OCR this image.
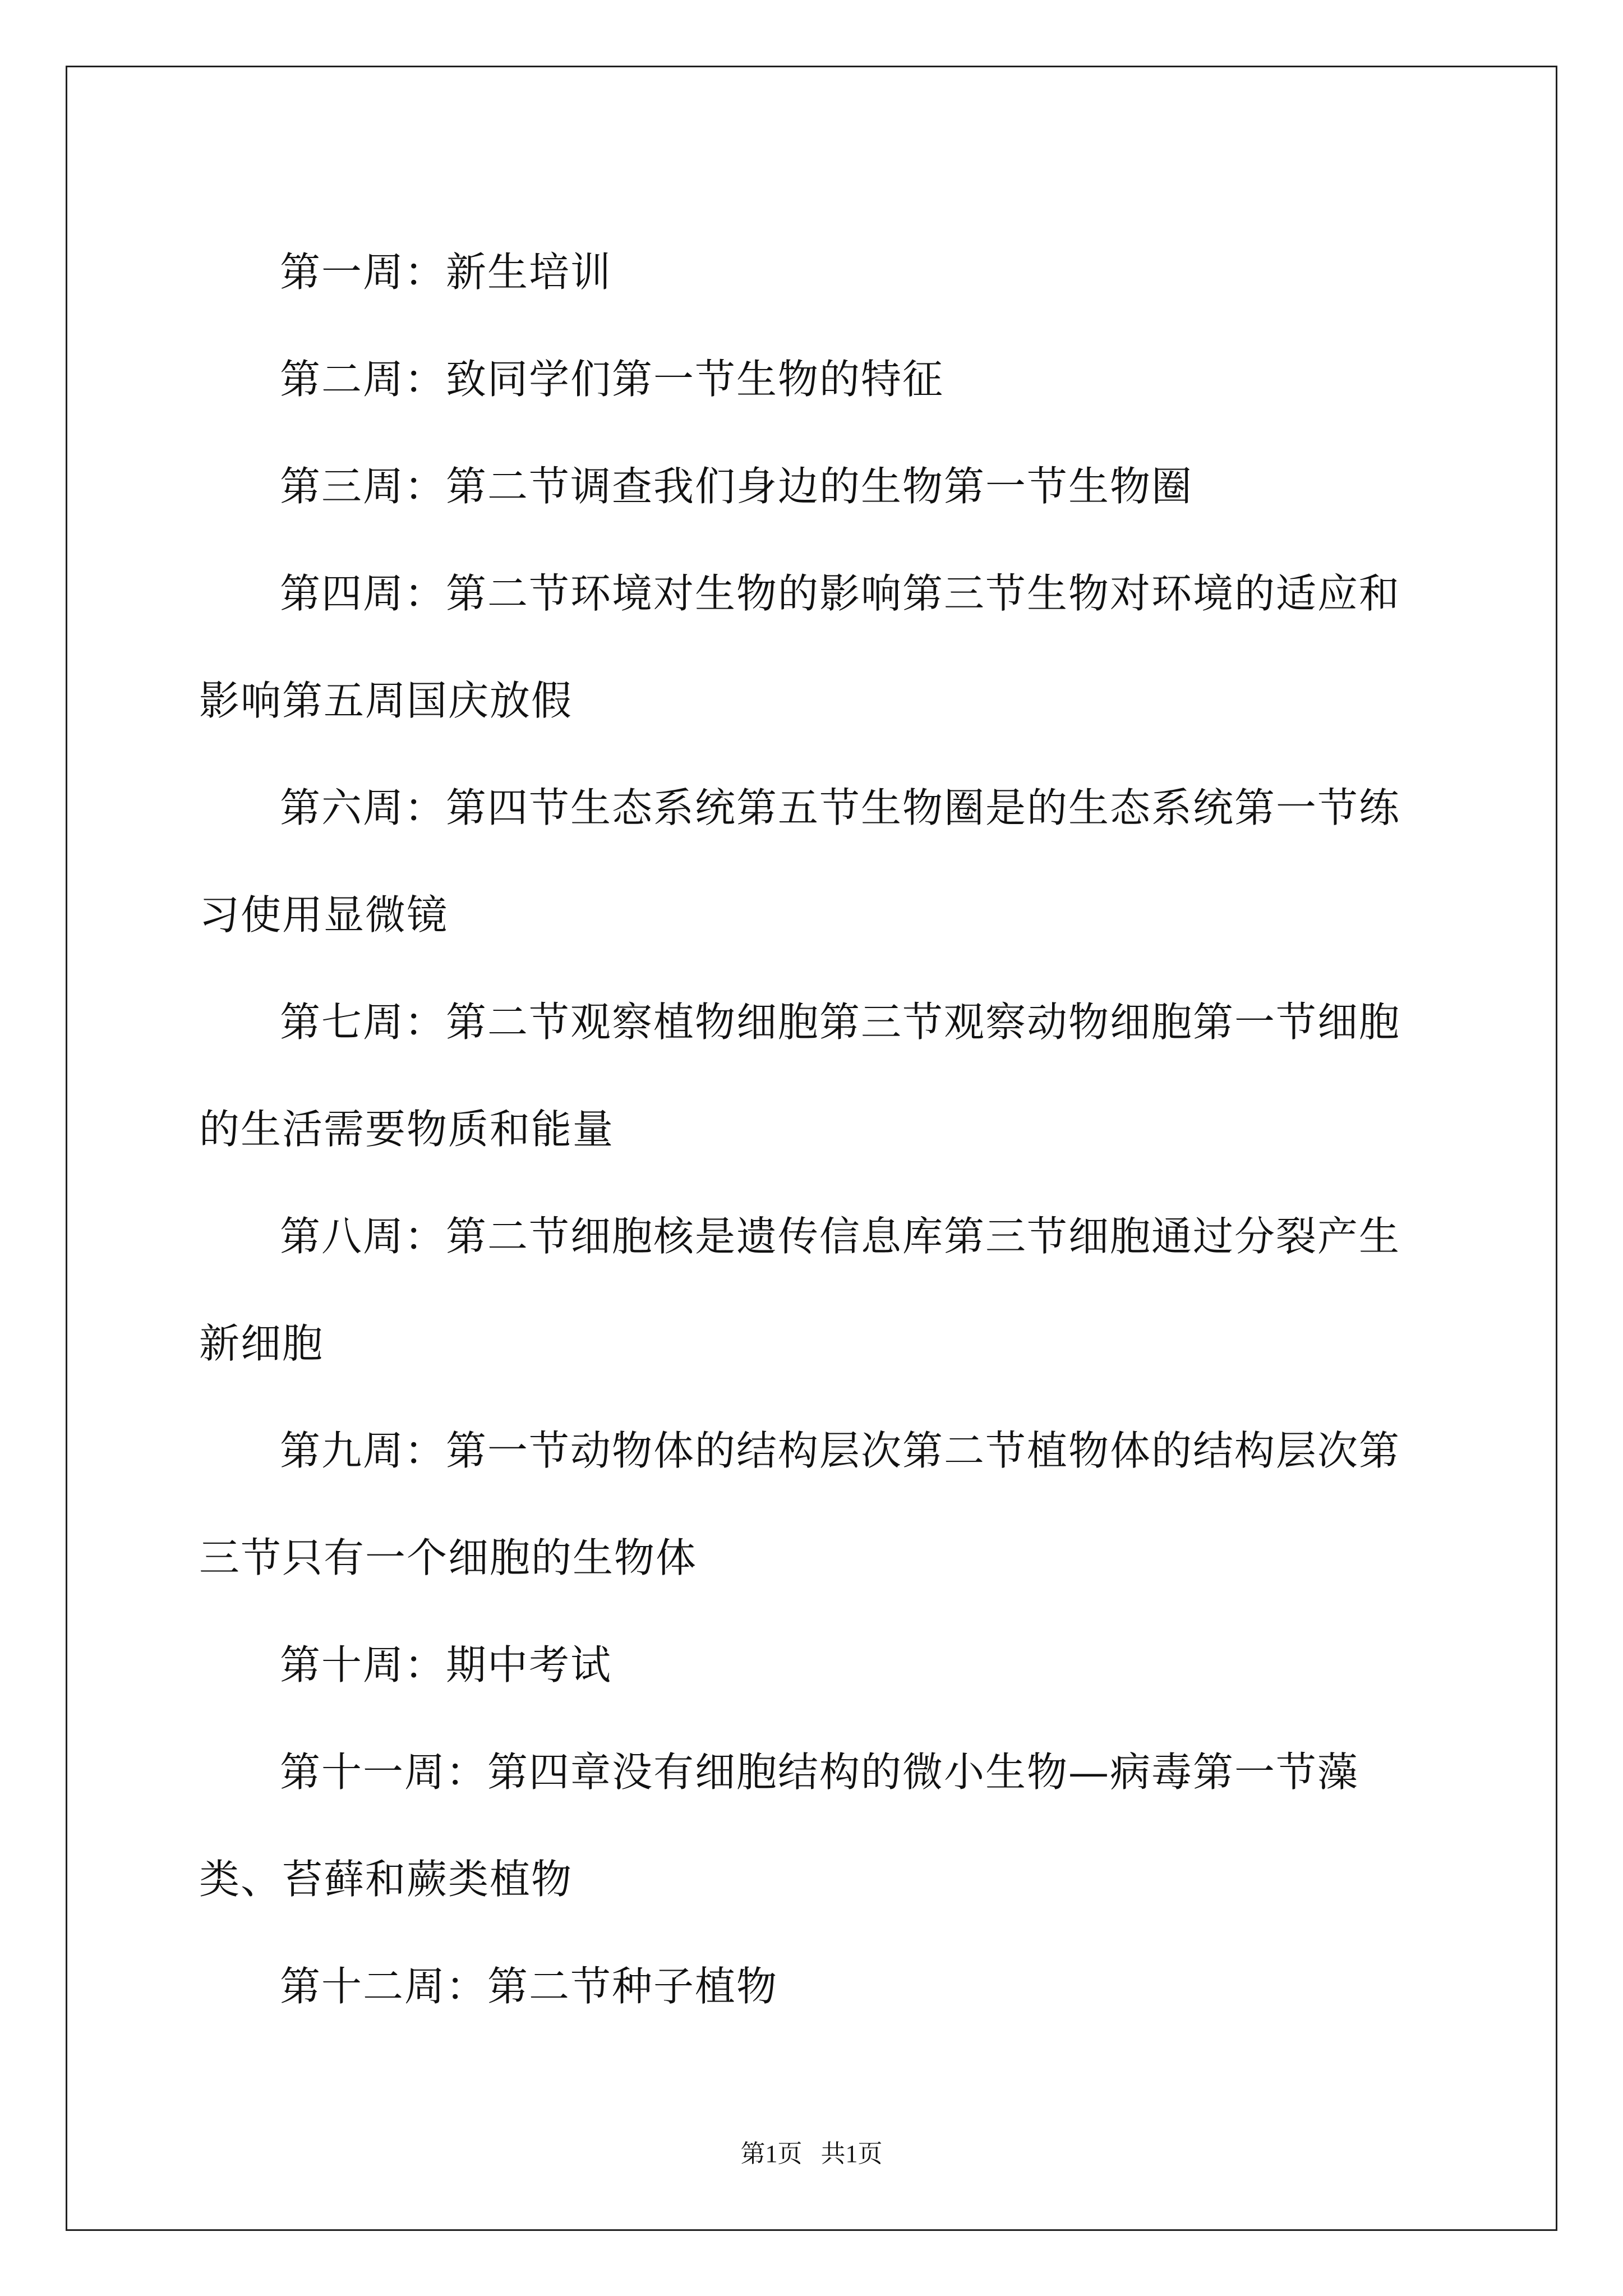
第一周：新生培训

第二周：致同学们第一节生物的特征

第三周：第二节调查我们身边的生物第一节生物圈

第四周：第二节环境对生物的影响第三节生物对环境的适应和影响第五周国庆放假

第六周：第四节生态系统第五节生物圈是的生态系统第一节练习使用显微镜

第七周：第二节观察植物细胞第三节观察动物细胞第一节细胞的生活需要物质和能量

第八周：第二节细胞核是遗传信息库第三节细胞通过分裂产生新细胞

第九周：第一节动物体的结构层次第二节植物体的结构层次第三节只有一个细胞的生物体

第十周：期中考试

第十一周：第四章没有细胞结构的微小生物—病毒第一节藻类、苔藓和蕨类植物

第十二周：第二节种子植物

第1页 共1页
